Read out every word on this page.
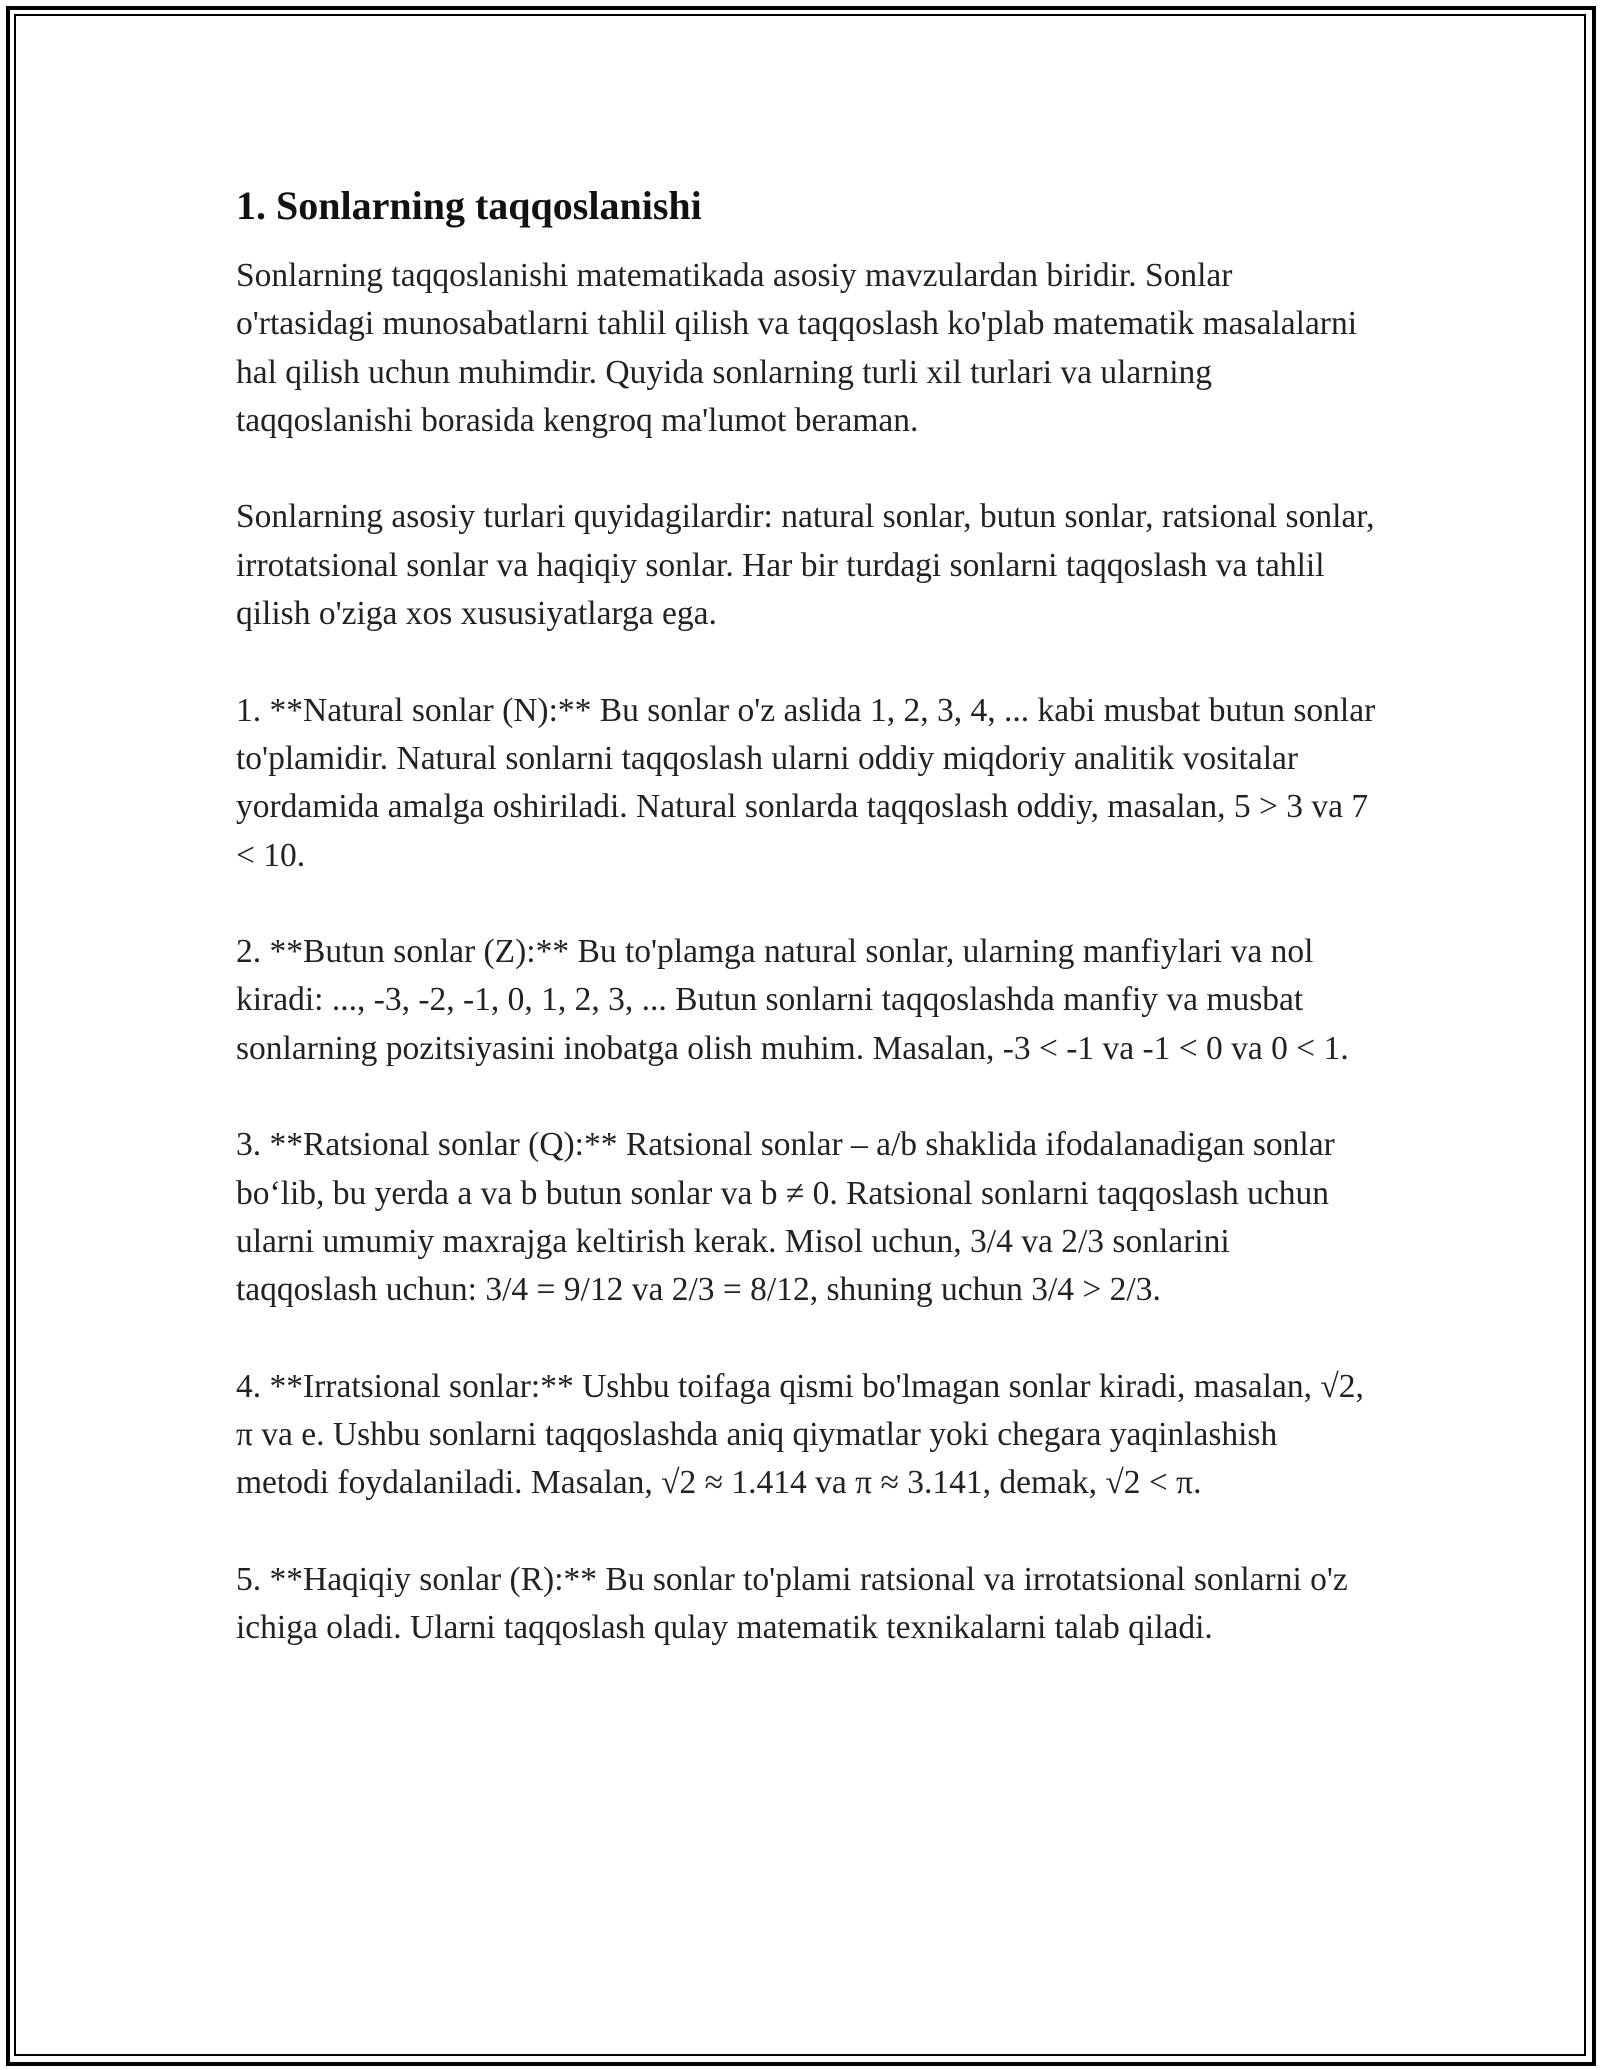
1. Sonlarning taqqoslanishi

Sonlarning taqqoslanishi matematikada asosiy mavzulardan biridir. Sonlar o'rtasidagi munosabatlarni tahlil qilish va taqqoslash ko'plab matematik masalalarni hal qilish uchun muhimdir. Quyida sonlarning turli xil turlari va ularning taqqoslanishi borasida kengroq ma'lumot beraman.

Sonlarning asosiy turlari quyidagilardir: natural sonlar, butun sonlar, ratsional sonlar, irrotatsional sonlar va haqiqiy sonlar. Har bir turdagi sonlarni taqqoslash va tahlil qilish o'ziga xos xususiyatlarga ega.

1. **Natural sonlar (N):** Bu sonlar o'z aslida 1, 2, 3, 4, ... kabi musbat butun sonlar to'plamidir. Natural sonlarni taqqoslash ularni oddiy miqdoriy analitik vositalar yordamida amalga oshiriladi. Natural sonlarda taqqoslash oddiy, masalan, 5 > 3 va 7 < 10.

2. **Butun sonlar (Z):** Bu to'plamga natural sonlar, ularning manfiylari va nol kiradi: ..., -3, -2, -1, 0, 1, 2, 3, ... Butun sonlarni taqqoslashda manfiy va musbat sonlarning pozitsiyasini inobatga olish muhim. Masalan, -3 < -1 va -1 < 0 va 0 < 1.

3. **Ratsional sonlar (Q):** Ratsional sonlar – a/b shaklida ifodalanadigan sonlar bo‘lib, bu yerda a va b butun sonlar va b ≠ 0. Ratsional sonlarni taqqoslash uchun ularni umumiy maxrajga keltirish kerak. Misol uchun, 3/4 va 2/3 sonlarini taqqoslash uchun: 3/4 = 9/12 va 2/3 = 8/12, shuning uchun 3/4 > 2/3.

4. **Irratsional sonlar:** Ushbu toifaga qismi bo'lmagan sonlar kiradi, masalan, √2, π va e. Ushbu sonlarni taqqoslashda aniq qiymatlar yoki chegara yaqinlashish metodi foydalaniladi. Masalan, √2 ≈ 1.414 va π ≈ 3.141, demak, √2 < π.

5. **Haqiqiy sonlar (R):** Bu sonlar to'plami ratsional va irrotatsional sonlarni o'z ichiga oladi. Ularni taqqoslash qulay matematik texnikalarni talab qiladi.
